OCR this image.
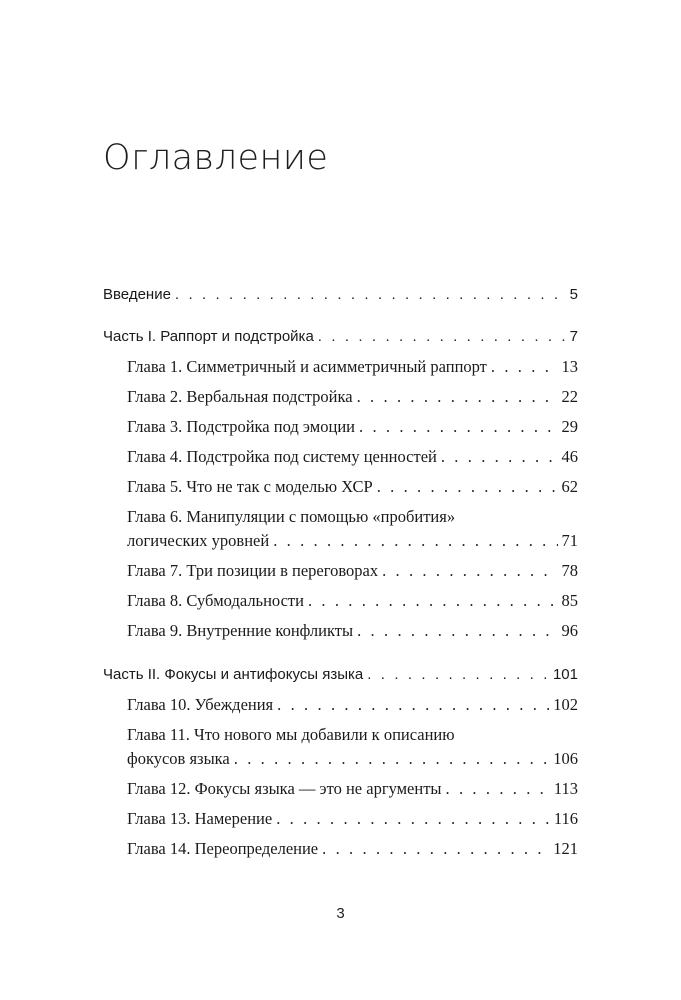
Оглавление
Введение . . .	5
Часть I. Раппорт и подстройка . . .	7
Глава 1. Симметричный и асимметричный раппорт . . .	13
Глава 2. Вербальная подстройка . . .	22
Глава 3. Подстройка под эмоции . . .	29
Глава 4. Подстройка под систему ценностей . . .	46
Глава 5. Что не так с моделью ХСР . . .	62
Глава 6. Манипуляции с помощью «пробития»
логических уровней . . .	71
Глава 7. Три позиции в переговорах . . .	78
Глава 8. Субмодальности . . .	85
Глава 9. Внутренние конфликты . . .	96
Часть II. Фокусы и антифокусы языка . . .	101
Глава 10. Убеждения . . .	102
Глава 11. Что нового мы добавили к описанию
фокусов языка . . .	106
Глава 12. Фокусы языка — это не аргументы . . .	113
Глава 13. Намерение . . .	116
Глава 14. Переопределение . . .	121
3
